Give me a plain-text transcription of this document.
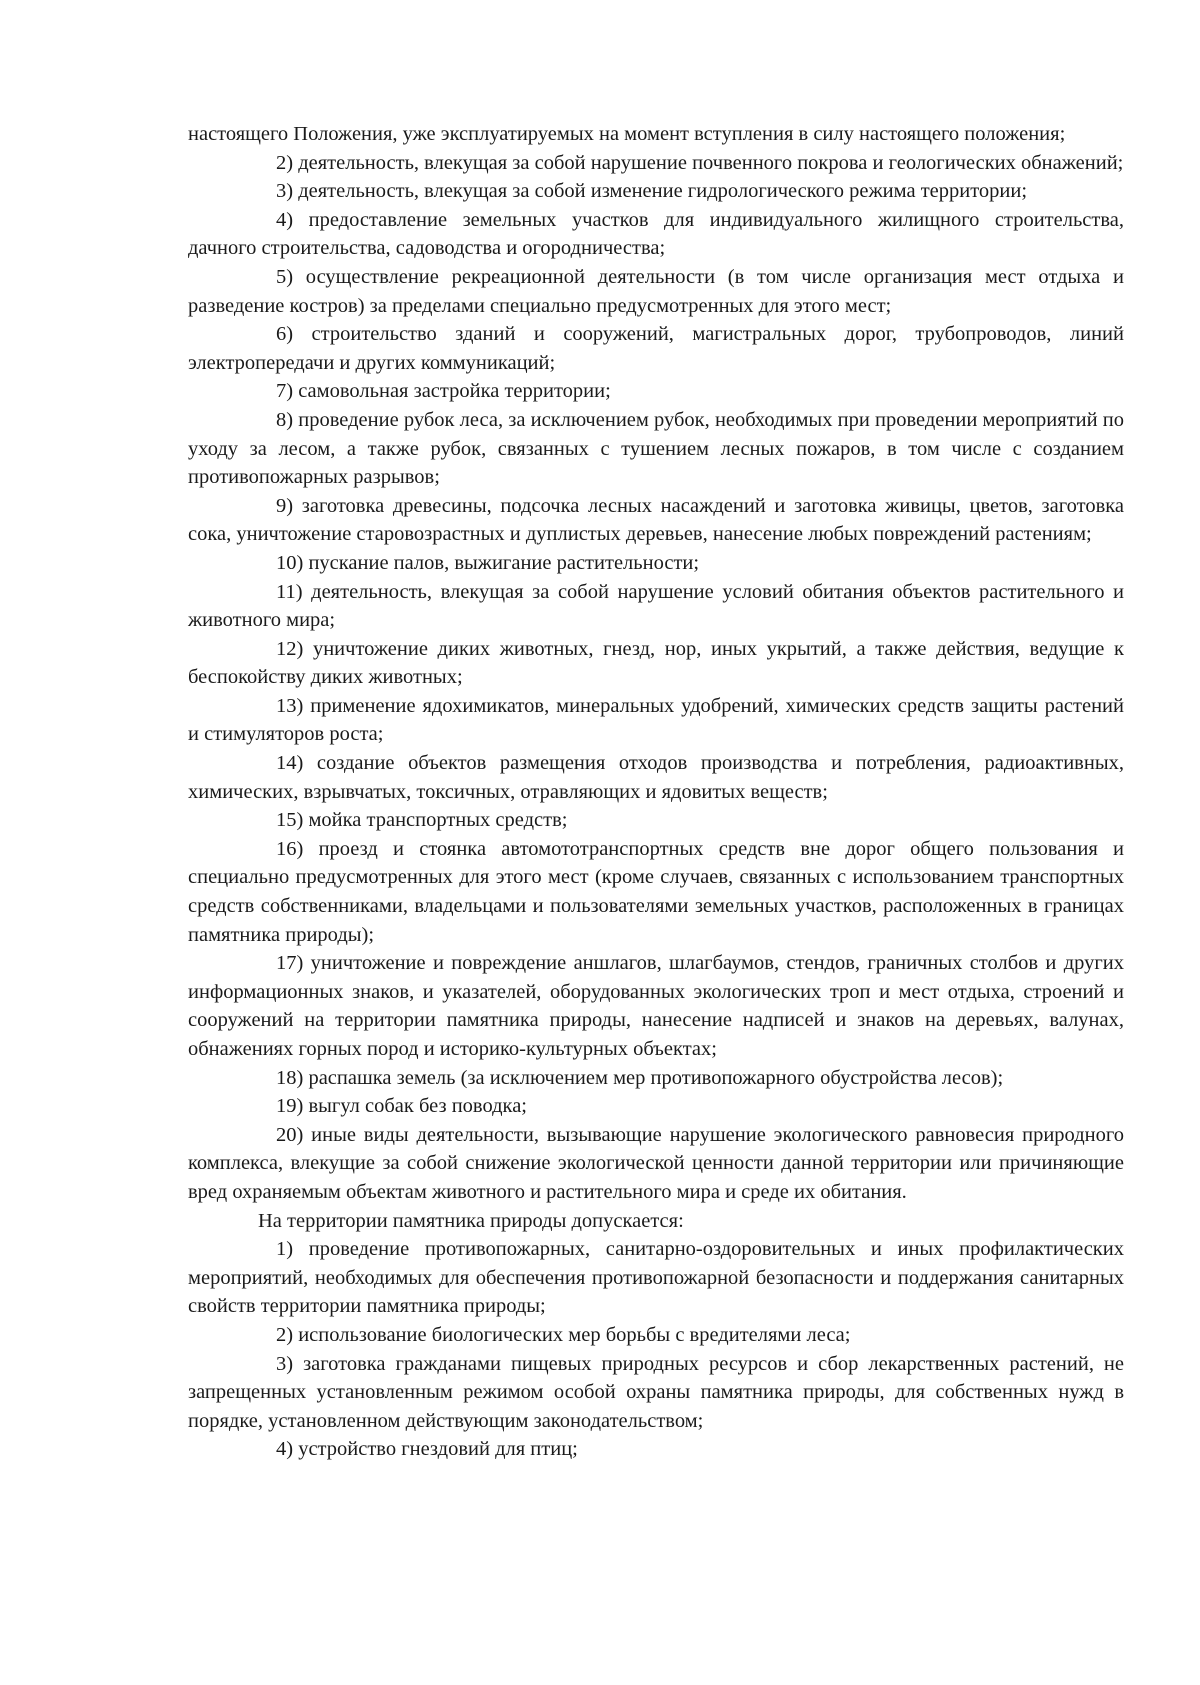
настоящего Положения, уже эксплуатируемых на момент вступления в силу настоящего положения;

2) деятельность, влекущая за собой нарушение почвенного покрова и геологических обнажений;

3) деятельность, влекущая за собой изменение гидрологического режима территории;

4) предоставление земельных участков для индивидуального жилищного строительства, дачного строительства, садоводства и огородничества;

5) осуществление рекреационной деятельности (в том числе организация мест отдыха и разведение костров) за пределами специально предусмотренных для этого мест;

6) строительство зданий и сооружений, магистральных дорог, трубопроводов, линий электропередачи и других коммуникаций;

7) самовольная застройка территории;

8) проведение рубок леса, за исключением рубок, необходимых при проведении мероприятий по уходу за лесом, а также рубок, связанных с тушением лесных пожаров, в том числе с созданием противопожарных разрывов;

9) заготовка древесины, подсочка лесных насаждений и заготовка живицы, цветов, заготовка сока, уничтожение старовозрастных и дуплистых деревьев, нанесение любых повреждений растениям;

10) пускание палов, выжигание растительности;

11) деятельность, влекущая за собой нарушение условий обитания объектов растительного и животного мира;

12) уничтожение диких животных, гнезд, нор, иных укрытий, а также действия, ведущие к беспокойству диких животных;

13) применение ядохимикатов, минеральных удобрений, химических средств защиты растений и стимуляторов роста;

14) создание объектов размещения отходов производства и потребления, радиоактивных, химических, взрывчатых, токсичных, отравляющих и ядовитых веществ;

15) мойка транспортных средств;

16) проезд и стоянка автомототранспортных средств вне дорог общего пользования и специально предусмотренных для этого мест (кроме случаев, связанных с использованием транспортных средств собственниками, владельцами и пользователями земельных участков, расположенных в границах памятника природы);

17) уничтожение и повреждение аншлагов, шлагбаумов, стендов, граничных столбов и других информационных знаков, и указателей, оборудованных экологических троп и мест отдыха, строений и сооружений на территории памятника природы, нанесение надписей и знаков на деревьях, валунах, обнажениях горных пород и историко-культурных объектах;

18) распашка земель (за исключением мер противопожарного обустройства лесов);

19) выгул собак без поводка;

20) иные виды деятельности, вызывающие нарушение экологического равновесия природного комплекса, влекущие за собой снижение экологической ценности данной территории или причиняющие вред охраняемым объектам животного и растительного мира и среде их обитания.

На территории памятника природы допускается:

1) проведение противопожарных, санитарно-оздоровительных и иных профилактических мероприятий, необходимых для обеспечения противопожарной безопасности и поддержания санитарных свойств территории памятника природы;

2) использование биологических мер борьбы с вредителями леса;

3) заготовка гражданами пищевых природных ресурсов и сбор лекарственных растений, не запрещенных установленным режимом особой охраны памятника природы, для собственных нужд в порядке, установленном действующим законодательством;

4) устройство гнездовий для птиц;
